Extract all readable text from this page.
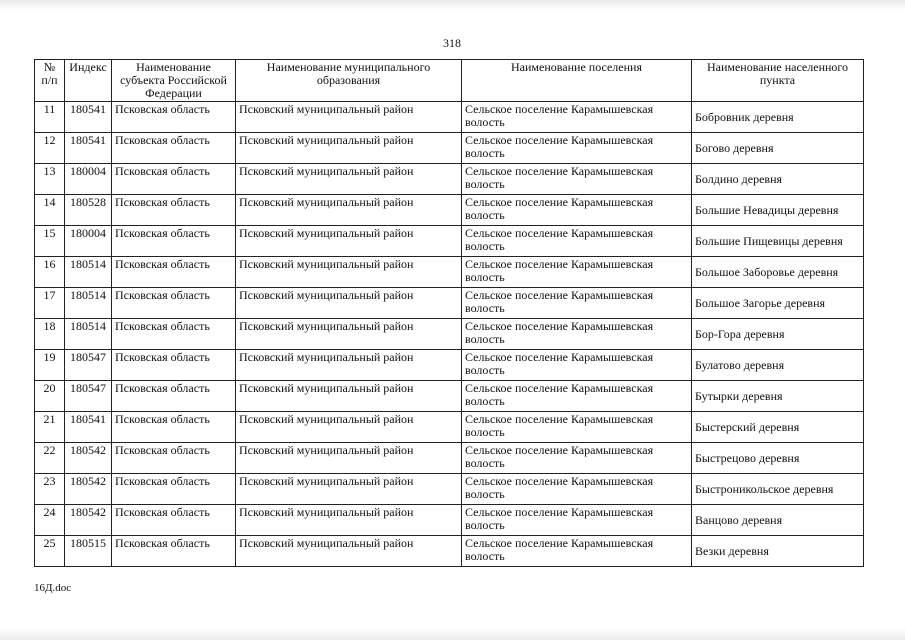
318
№ п/п	Индекс	Наименование субъекта Российской Федерации	Наименование муниципального образования	Наименование поселения	Наименование населенного пункта
11	180541	Псковская область	Псковский муниципальный район	Сельское поселение Карамышевская волость	Бобровник деревня
12	180541	Псковская область	Псковский муниципальный район	Сельское поселение Карамышевская волость	Богово деревня
13	180004	Псковская область	Псковский муниципальный район	Сельское поселение Карамышевская волость	Болдино деревня
14	180528	Псковская область	Псковский муниципальный район	Сельское поселение Карамышевская волость	Большие Невадицы деревня
15	180004	Псковская область	Псковский муниципальный район	Сельское поселение Карамышевская волость	Большие Пищевицы деревня
16	180514	Псковская область	Псковский муниципальный район	Сельское поселение Карамышевская волость	Большое Заборовье деревня
17	180514	Псковская область	Псковский муниципальный район	Сельское поселение Карамышевская волость	Большое Загорье деревня
18	180514	Псковская область	Псковский муниципальный район	Сельское поселение Карамышевская волость	Бор-Гора деревня
19	180547	Псковская область	Псковский муниципальный район	Сельское поселение Карамышевская волость	Булатово деревня
20	180547	Псковская область	Псковский муниципальный район	Сельское поселение Карамышевская волость	Бутырки деревня
21	180541	Псковская область	Псковский муниципальный район	Сельское поселение Карамышевская волость	Быстерский деревня
22	180542	Псковская область	Псковский муниципальный район	Сельское поселение Карамышевская волость	Быстрецово деревня
23	180542	Псковская область	Псковский муниципальный район	Сельское поселение Карамышевская волость	Быстроникольское деревня
24	180542	Псковская область	Псковский муниципальный район	Сельское поселение Карамышевская волость	Ванцово деревня
25	180515	Псковская область	Псковский муниципальный район	Сельское поселение Карамышевская волость	Везки деревня
16Д.doc
